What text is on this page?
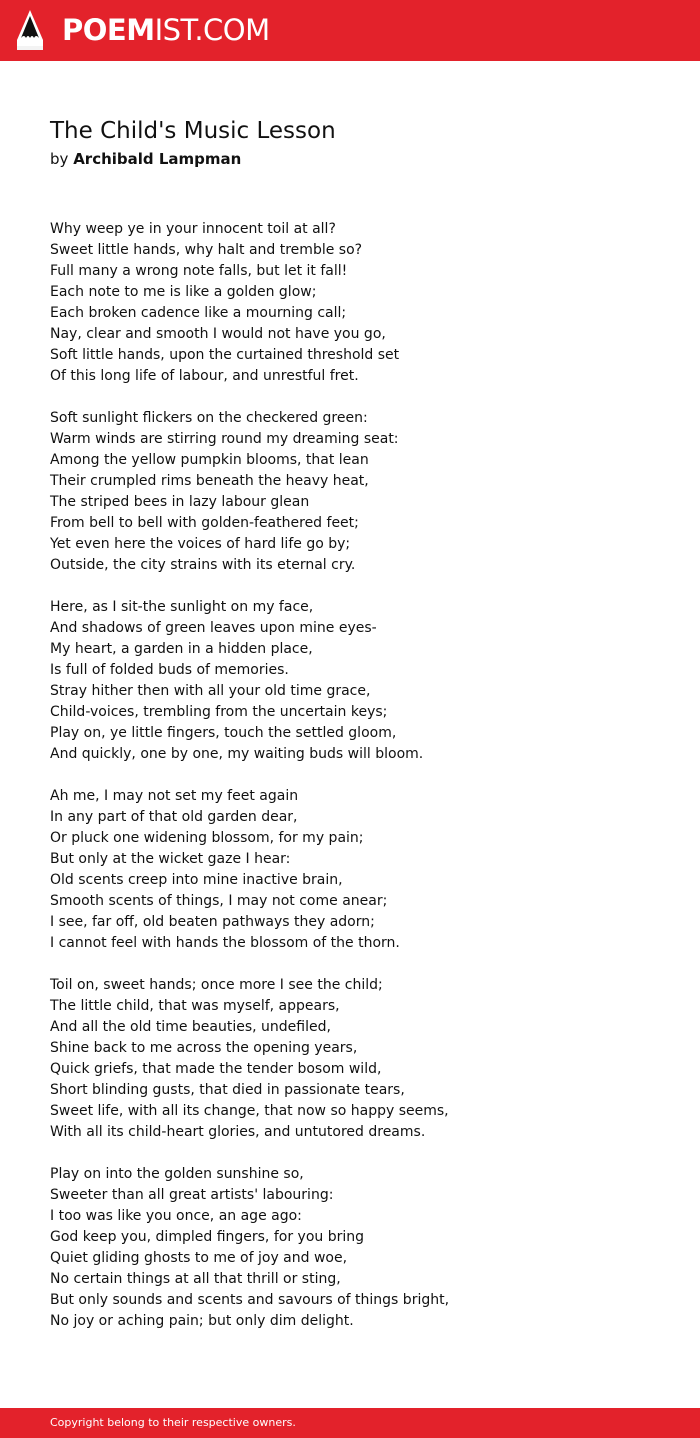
POEMIST.COM
The Child's Music Lesson
by Archibald Lampman
Why weep ye in your innocent toil at all?
Sweet little hands, why halt and tremble so?
Full many a wrong note falls, but let it fall!
Each note to me is like a golden glow;
Each broken cadence like a mourning call;
Nay, clear and smooth I would not have you go,
Soft little hands, upon the curtained threshold set
Of this long life of labour, and unrestful fret.
Soft sunlight flickers on the checkered green:
Warm winds are stirring round my dreaming seat:
Among the yellow pumpkin blooms, that lean
Their crumpled rims beneath the heavy heat,
The striped bees in lazy labour glean
From bell to bell with golden-feathered feet;
Yet even here the voices of hard life go by;
Outside, the city strains with its eternal cry.
Here, as I sit-the sunlight on my face,
And shadows of green leaves upon mine eyes-
My heart, a garden in a hidden place,
Is full of folded buds of memories.
Stray hither then with all your old time grace,
Child-voices, trembling from the uncertain keys;
Play on, ye little fingers, touch the settled gloom,
And quickly, one by one, my waiting buds will bloom.
Ah me, I may not set my feet again
In any part of that old garden dear,
Or pluck one widening blossom, for my pain;
But only at the wicket gaze I hear:
Old scents creep into mine inactive brain,
Smooth scents of things, I may not come anear;
I see, far off, old beaten pathways they adorn;
I cannot feel with hands the blossom of the thorn.
Toil on, sweet hands; once more I see the child;
The little child, that was myself, appears,
And all the old time beauties, undefiled,
Shine back to me across the opening years,
Quick griefs, that made the tender bosom wild,
Short blinding gusts, that died in passionate tears,
Sweet life, with all its change, that now so happy seems,
With all its child-heart glories, and untutored dreams.
Play on into the golden sunshine so,
Sweeter than all great artists' labouring:
I too was like you once, an age ago:
God keep you, dimpled fingers, for you bring
Quiet gliding ghosts to me of joy and woe,
No certain things at all that thrill or sting,
But only sounds and scents and savours of things bright,
No joy or aching pain; but only dim delight.
Copyright belong to their respective owners.
